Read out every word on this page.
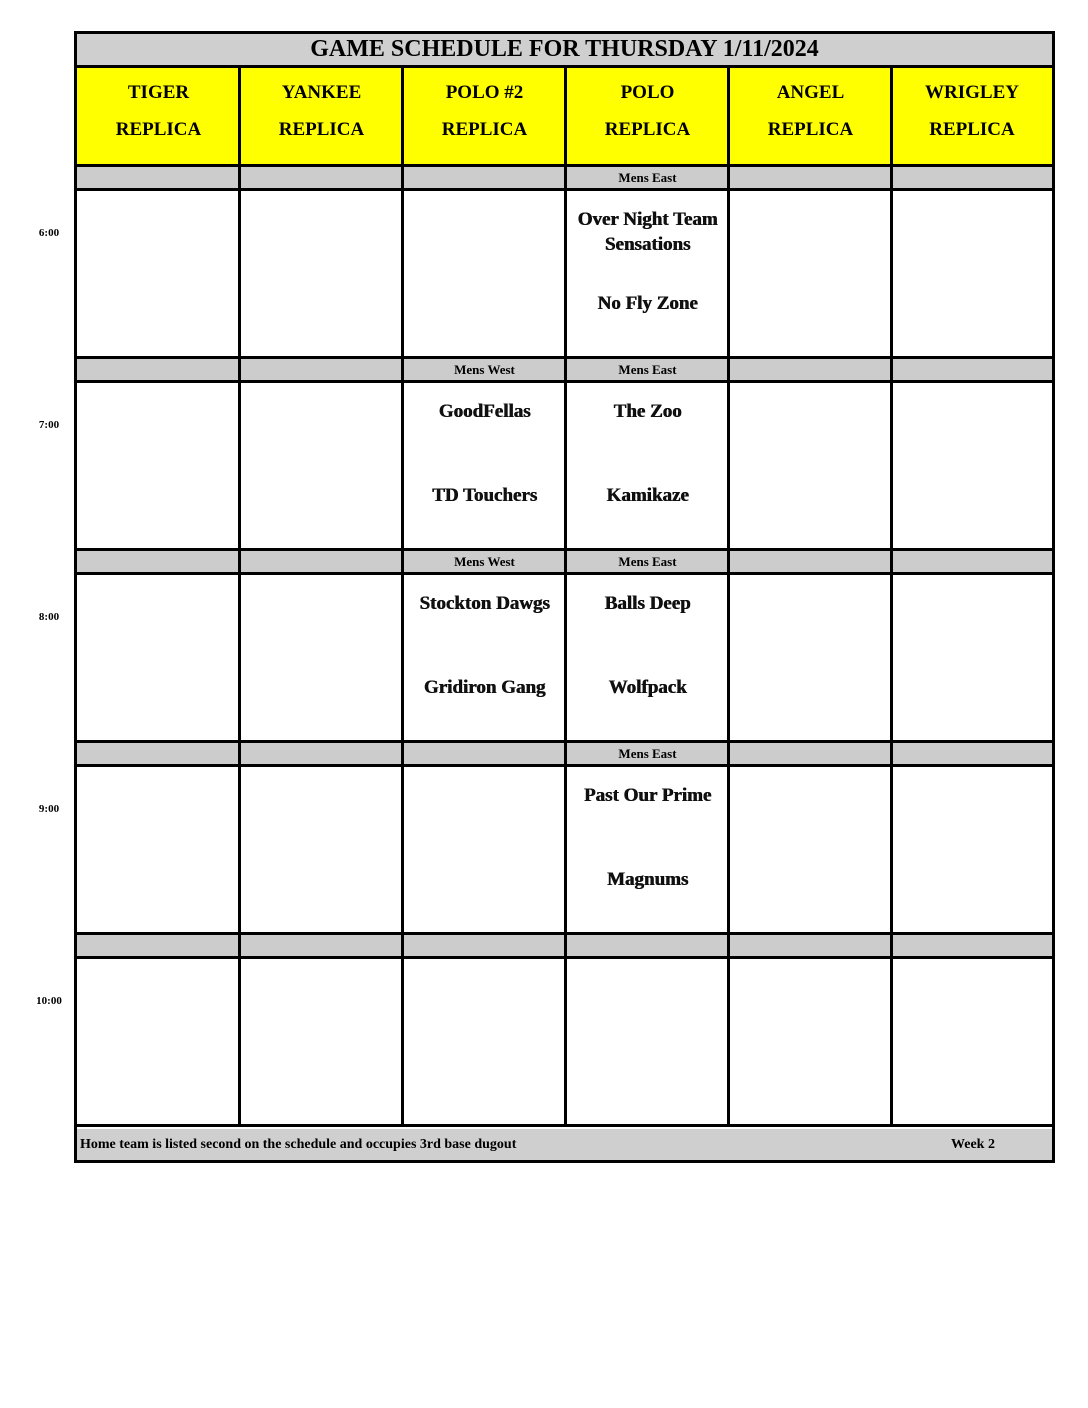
6:00
7:00
8:00
9:00
10:00
GAME SCHEDULE FOR THURSDAY 1/11/2024
Home team is listed second on the schedule and occupies 3rd base dugout	Week 2
TIGER
REPLICA
YANKEE
REPLICA
POLO #2
REPLICA
POLO
REPLICA
ANGEL
REPLICA
WRIGLEY
REPLICA
Mens East
Over Night Team Sensations
No Fly Zone
Mens West
GoodFellas
TD Touchers
Mens East
The Zoo
Kamikaze
Mens West
Stockton Dawgs
Gridiron Gang
Mens East
Balls Deep
Wolfpack
Mens East
Past Our Prime
Magnums
